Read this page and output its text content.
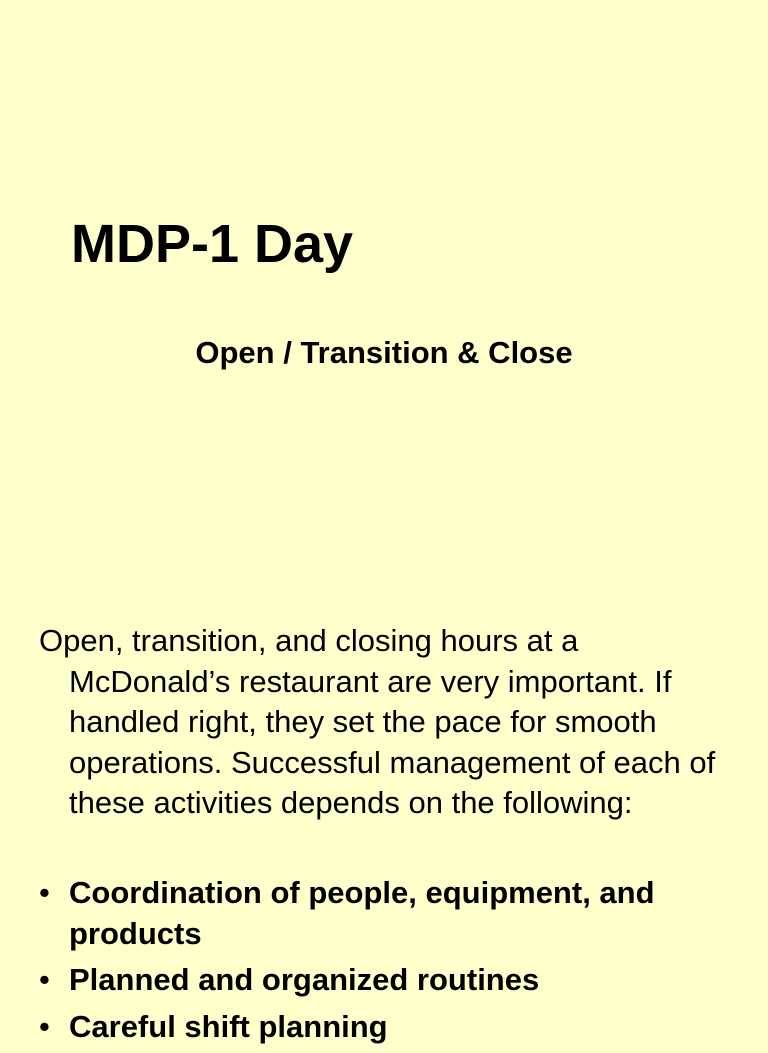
MDP-1 Day
Open / Transition & Close

Open, transition, and closing hours at a McDonald’s restaurant are very important. If handled right, they set the pace for smooth operations. Successful management of each of these activities depends on the following:

• Coordination of people, equipment, and products
• Planned and organized routines
• Careful shift planning
